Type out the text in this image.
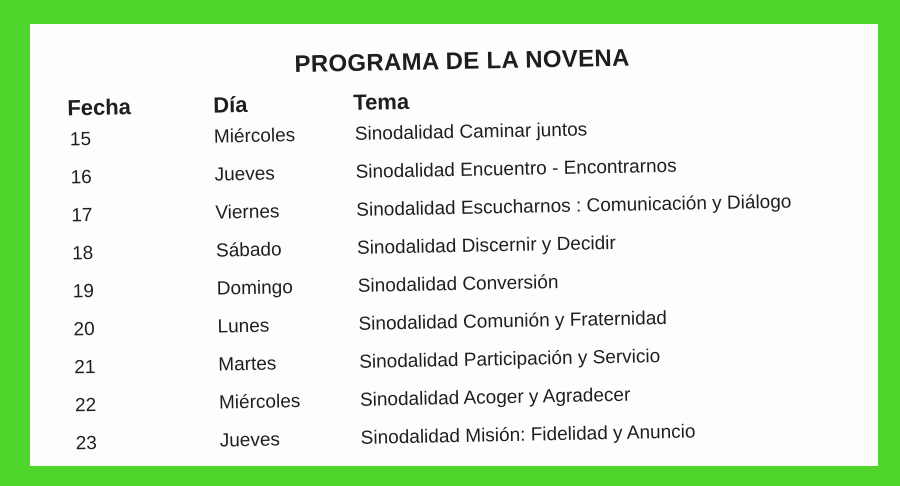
PROGRAMA DE LA NOVENA
Fecha	Día	Tema
15	Miércoles	Sinodalidad Caminar juntos
16	Jueves	Sinodalidad Encuentro - Encontrarnos
17	Viernes	Sinodalidad Escucharnos : Comunicación y Diálogo
18	Sábado	Sinodalidad Discernir y Decidir
19	Domingo	Sinodalidad Conversión
20	Lunes	Sinodalidad Comunión y Fraternidad
21	Martes	Sinodalidad Participación y Servicio
22	Miércoles	Sinodalidad Acoger y Agradecer
23	Jueves	Sinodalidad Misión: Fidelidad y Anuncio
